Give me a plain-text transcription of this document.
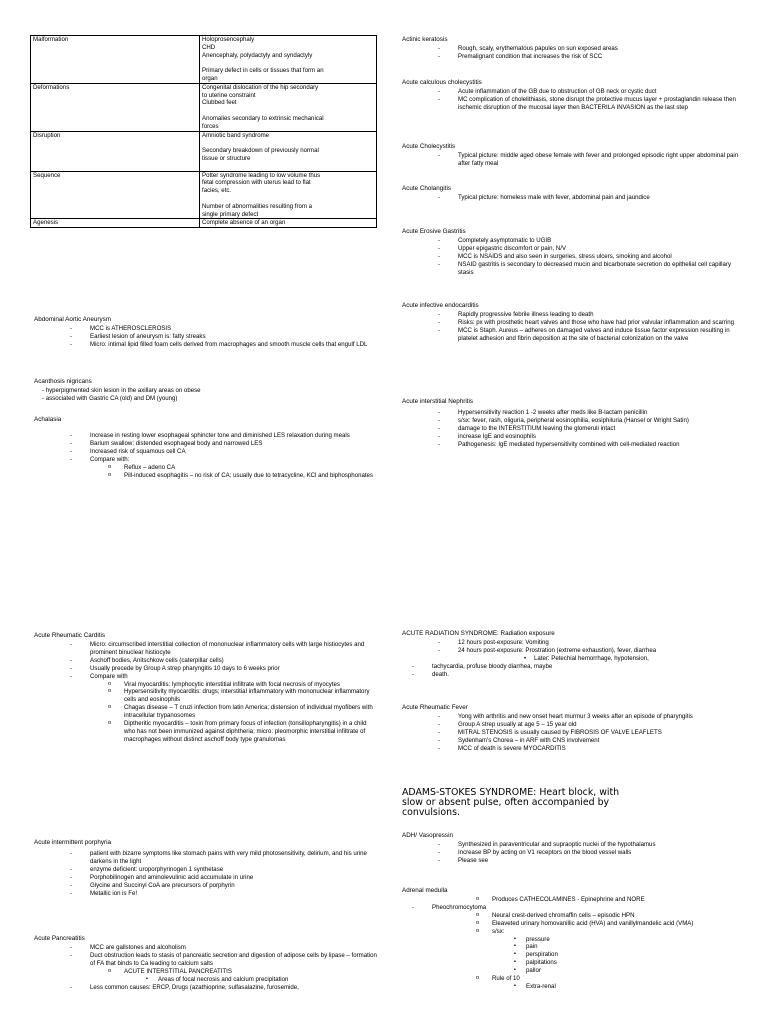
Malformation	Holoprosencephaly
CHD
Anencephaly, polydactyly and syndactyly
Primary defect in cells or tissues that form an
organ

Deformations	Congenital dislocation of the hip secondary
to uterine constraint
Clubbed feet
Anomalies secondary to extrinsic mechanical
forces

Disruption	Amniotic band syndrome
Secondary breakdown of previously normal
tissue or structure

Sequence	Potter syndrome leading to low volume thus
fetal compression with uterus lead to flat
facies, etc.
Number of abnormalities resulting from a
single primary defect

Agenesis	Complete absence of an organ
Abdominal Aortic Aneurysm
- MCC is ATHEROSCLEROSIS
- Earliest lesion of aneurysm is: fatty streaks
- Micro: intimal lipid filled foam cells derived from macrophages and smooth muscle cells that engulf LDL
Acanthosis nigricans
- hyperpigmented skin lesion in the axillary areas on obese
- associated with Gastric CA (old) and DM (young)
Achalasia
- Increase in resting lower esophageal sphincter tone and diminished LES relaxation during meals
- Barium swallow: distended esophageal body and narrowed LES
- Increased risk of squamous cell CA
- Compare with:
o Reflux – adeno CA
o Pill-induced esophagitis – no risk of CA; usually due to tetracycline, KCl and biphosphonates
Acute Rheumatic Carditis
- Micro: circumscribed interstitial collection of mononuclear inflammatory cells with large histiocytes and prominent binuclear histiocyte
- Aschoff bodies, Anitschkow cells (caterpillar cells)
- Usually precede by Group A strep pharyngitis 10 days to 6 weeks prior
- Compare with
o Viral myocarditis: lymphocytic interstitial infiltrate with focal necrosis of myocytes
o Hypersensitivity myocarditis: drugs; interstitial inflammatory with mononuclear inflammatory cells and eosinophils
o Chagas disease – T cruzi infection from latin America; distension of individual myofibers with intracellular trypanosomes
o Diptheritic myocarditis – toxin from primary focus of infection (tonsillopharyngitis) in a child who has not been immunized against diphtheria; micro: pleomorphic interstitial infiltrate of macrophages without distinct aschoff body type granulomas
Acute intermittent porphyria
- patient with bizarre symptoms like stomach pains with very mild photosensitivity, delirium, and his urine darkens in the light
- enzyme deficient: uroporphyrinogen 1 synthetase
- Porphobilinogen and aminolevulinic acid accumulate in urine
- Glycine and Succinyl CoA are precursors of porphyrin
- Metallic ion is Fe!
Acute Pancreatitis
- MCC are gallstones and alcoholism
- Duct obstruction leads to stasis of pancreatic secretion and digestion of adipose cells by lipase – formation of FA that binds to Ca leading to calcium salts
o ACUTE INTERSTITIAL PANCREATITIS
▪ Areas of focal necrosis and calcium precipitation
- Less common causes: ERCP, Drugs (azathioprine, sulfasalazine, furosemide,
Actinic keratosis
- Rough, scaly, erythematous papules on sun exposed areas
- Premalignant condition that increases the risk of SCC
Acute calculous cholecystitis
- Acute inflammation of the GB due to obstruction of GB neck or cystic duct
- MC complication of cholelithiasis, stone disrupt the protective mucus layer + prostaglandin release then ischemic disruption of the mucosal layer then BACTERILA INVASION as the last step
Acute Cholecystitis
- Typical picture: middle aged obese female with fever and prolonged episodic right upper abdominal pain after fatty meal
Acute Cholangitis
- Typical picture: homeless male with fever, abdominal pain and jaundice
Acute Erosive Gastritis
- Completely asymptomatic to UGIB
- Upper epigastric discomfort or pain, N/V
- MCC is NSAIDS and also seen in surgeries, stress ulcers, smoking and alcohol
- NSAID gastritis is secondary to decreased mucin and bicarbonate secretion do epithelial cell capillary stasis
Acute infective endocarditis
- Rapidly progressive febrile illness leading to death
- Risks: px with prosthetic heart valves and those who have had prior valvular inflammation and scarring
- MCC is Staph. Aureus – adheres on damaged valves and induce tissue factor expression resulting in platelet adhesion and fibrin deposition at the site of bacterial colonization on the valve
Acute interstitial Nephritis
- Hypersensitivity reaction 1 -2 weeks after meds like B-lactam penicillin
- s/sx: fever, rash, oliguria, peripheral eosinophilia, eosiphiluria (Hansel or Wright Satin)
- damage to the INTERSTITIUM leaving the glomeruli intact
- increase IgE and eosinophils
- Pathogenesis: IgE mediated hypersensitivity combined with cell-mediated reaction
ACUTE RADIATION SYNDROME: Radiation exposure
- 12 hours post-exposure: Vomiting
- 24 hours post-exposure: Prostration (extreme exhaustion), fever, diarrhea
• Later: Petechial hemorrhage, hypotension,
- tachycardia, profuse bloody diarrhea, maybe
- death.
Acute Rheumatic Fever
- Yong with arthritis and new onset heart murmur 3 weeks after an episode of pharyngitis
- Group A strep usually at age 5 – 15 year old
- MITRAL STENOSIS is usually caused by FIBROSIS OF VALVE LEAFLETS
- Sydenham's Chorea – in ARF with CNS involvement
- MCC of death is severe MYOCARDITIS
ADAMS-STOKES SYNDROME: Heart block, with slow or absent pulse, often accompanied by convulsions.
ADH/ Vasopressin
- Synthesized in paraventricular and supraoptic nuclei of the hypothalamus
- Increase BP by acting on V1 receptors on the blood vessel walls
- Please see
Adrenal medulla
o Produces CATHECOLAMINES - Epinephrine and NORE
- Pheochromocytoma
o Neural crest-derived chromaffin cells – episodic HPN
o Eleaveted urinary homovanillic acid (HVA) and vanillylmandelic acid (VMA)
o s/sx:
▪ pressure
▪ pain
▪ perspiration
▪ palpitations
▪ pallor
o Rule of 10
▪ Extra-renal
